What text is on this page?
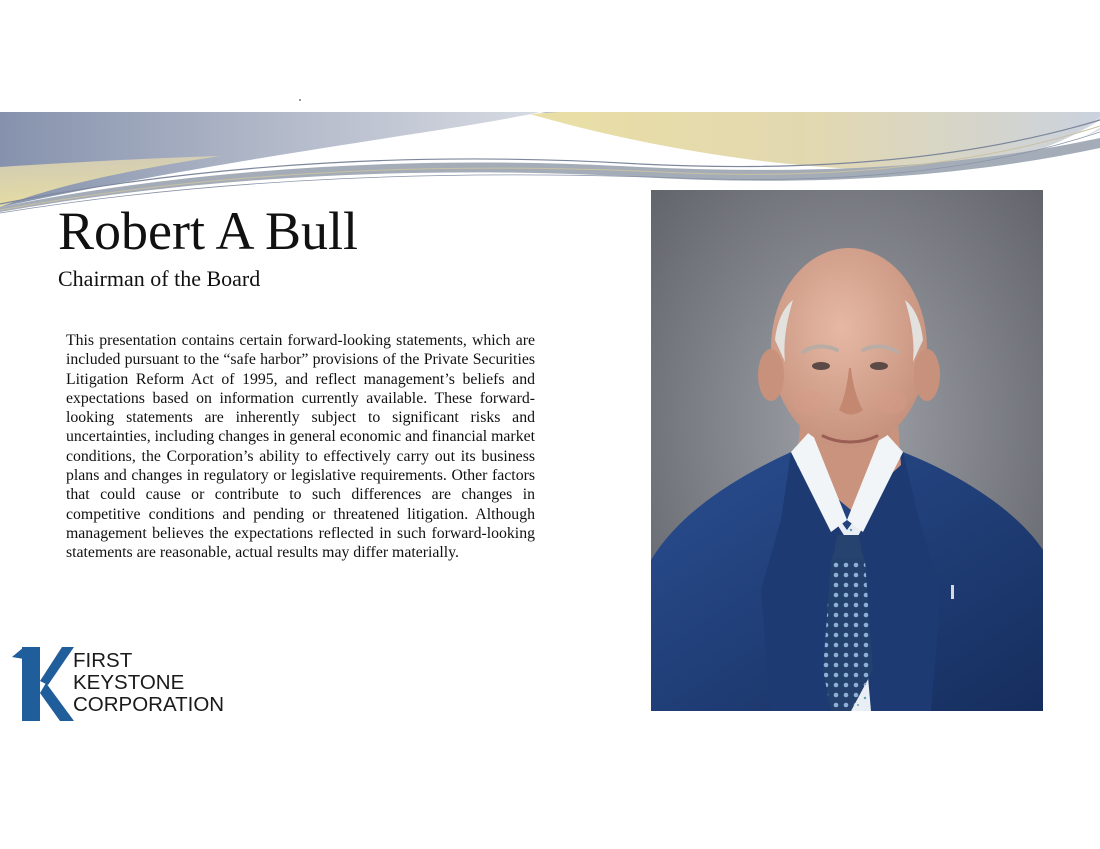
Robert A Bull
Chairman of the Board

This presentation contains certain forward-looking statements, which are included pursuant to the “safe harbor” provisions of the Private Securities Litigation Reform Act of 1995, and reflect management’s beliefs and expectations based on information currently available. These forward-looking statements are inherently subject to significant risks and uncertainties, including changes in general economic and financial market conditions, the Corporation’s ability to effectively carry out its business plans and changes in regulatory or legislative requirements. Other factors that could cause or contribute to such differences are changes in competitive conditions and pending or threatened litigation. Although management believes the expectations reflected in such forward-looking statements are reasonable, actual results may differ materially.

FIRST
KEYSTONE
CORPORATION
